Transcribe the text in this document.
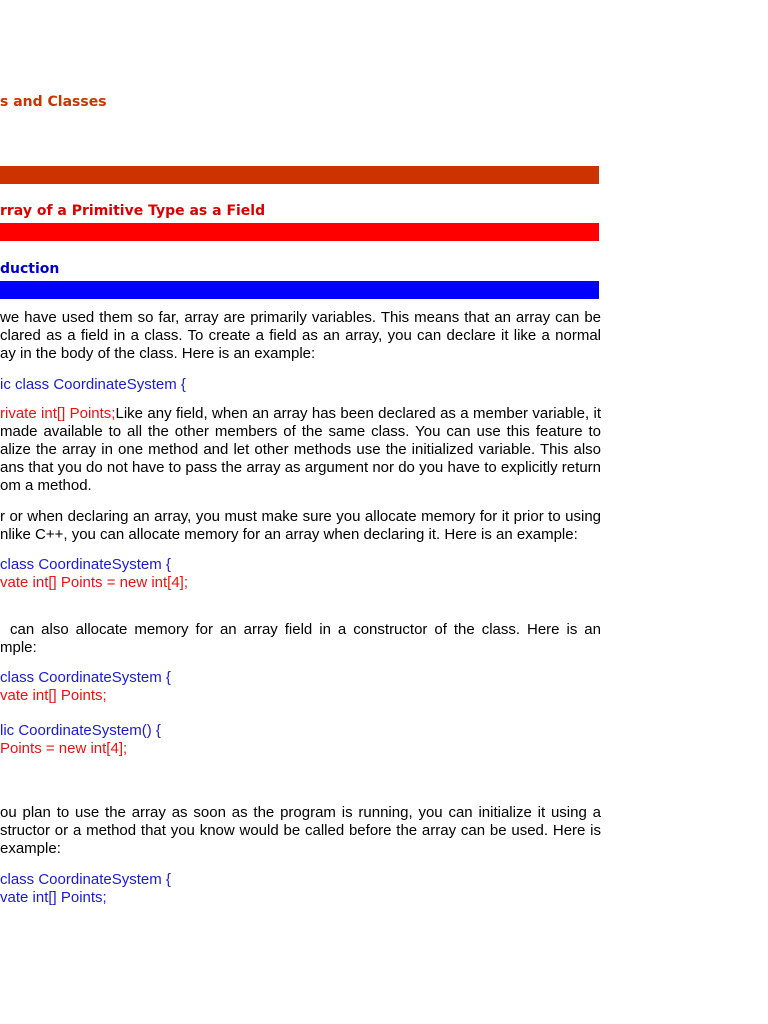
s and Classes
rray of a Primitive Type as a Field
duction
we have used them so far, array are primarily variables. This means that an array can be
clared as a field in a class. To create a field as an array, you can declare it like a normal
ay in the body of the class. Here is an example:
ic class CoordinateSystem {
rivate int[] Points;Like any field, when an array has been declared as a member variable, it
made available to all the other members of the same class. You can use this feature to
alize the array in one method and let other methods use the initialized variable. This also
ans that you do not have to pass the array as argument nor do you have to explicitly return
om a method.
r or when declaring an array, you must make sure you allocate memory for it prior to using
nlike C++, you can allocate memory for an array when declaring it. Here is an example:
class CoordinateSystem {
vate int[] Points = new int[4];
can also allocate memory for an array field in a constructor of the class. Here is an
mple:
class CoordinateSystem {
vate int[] Points;
lic CoordinateSystem() {
Points = new int[4];
ou plan to use the array as soon as the program is running, you can initialize it using a
structor or a method that you know would be called before the array can be used. Here is
example:
class CoordinateSystem {
vate int[] Points;
